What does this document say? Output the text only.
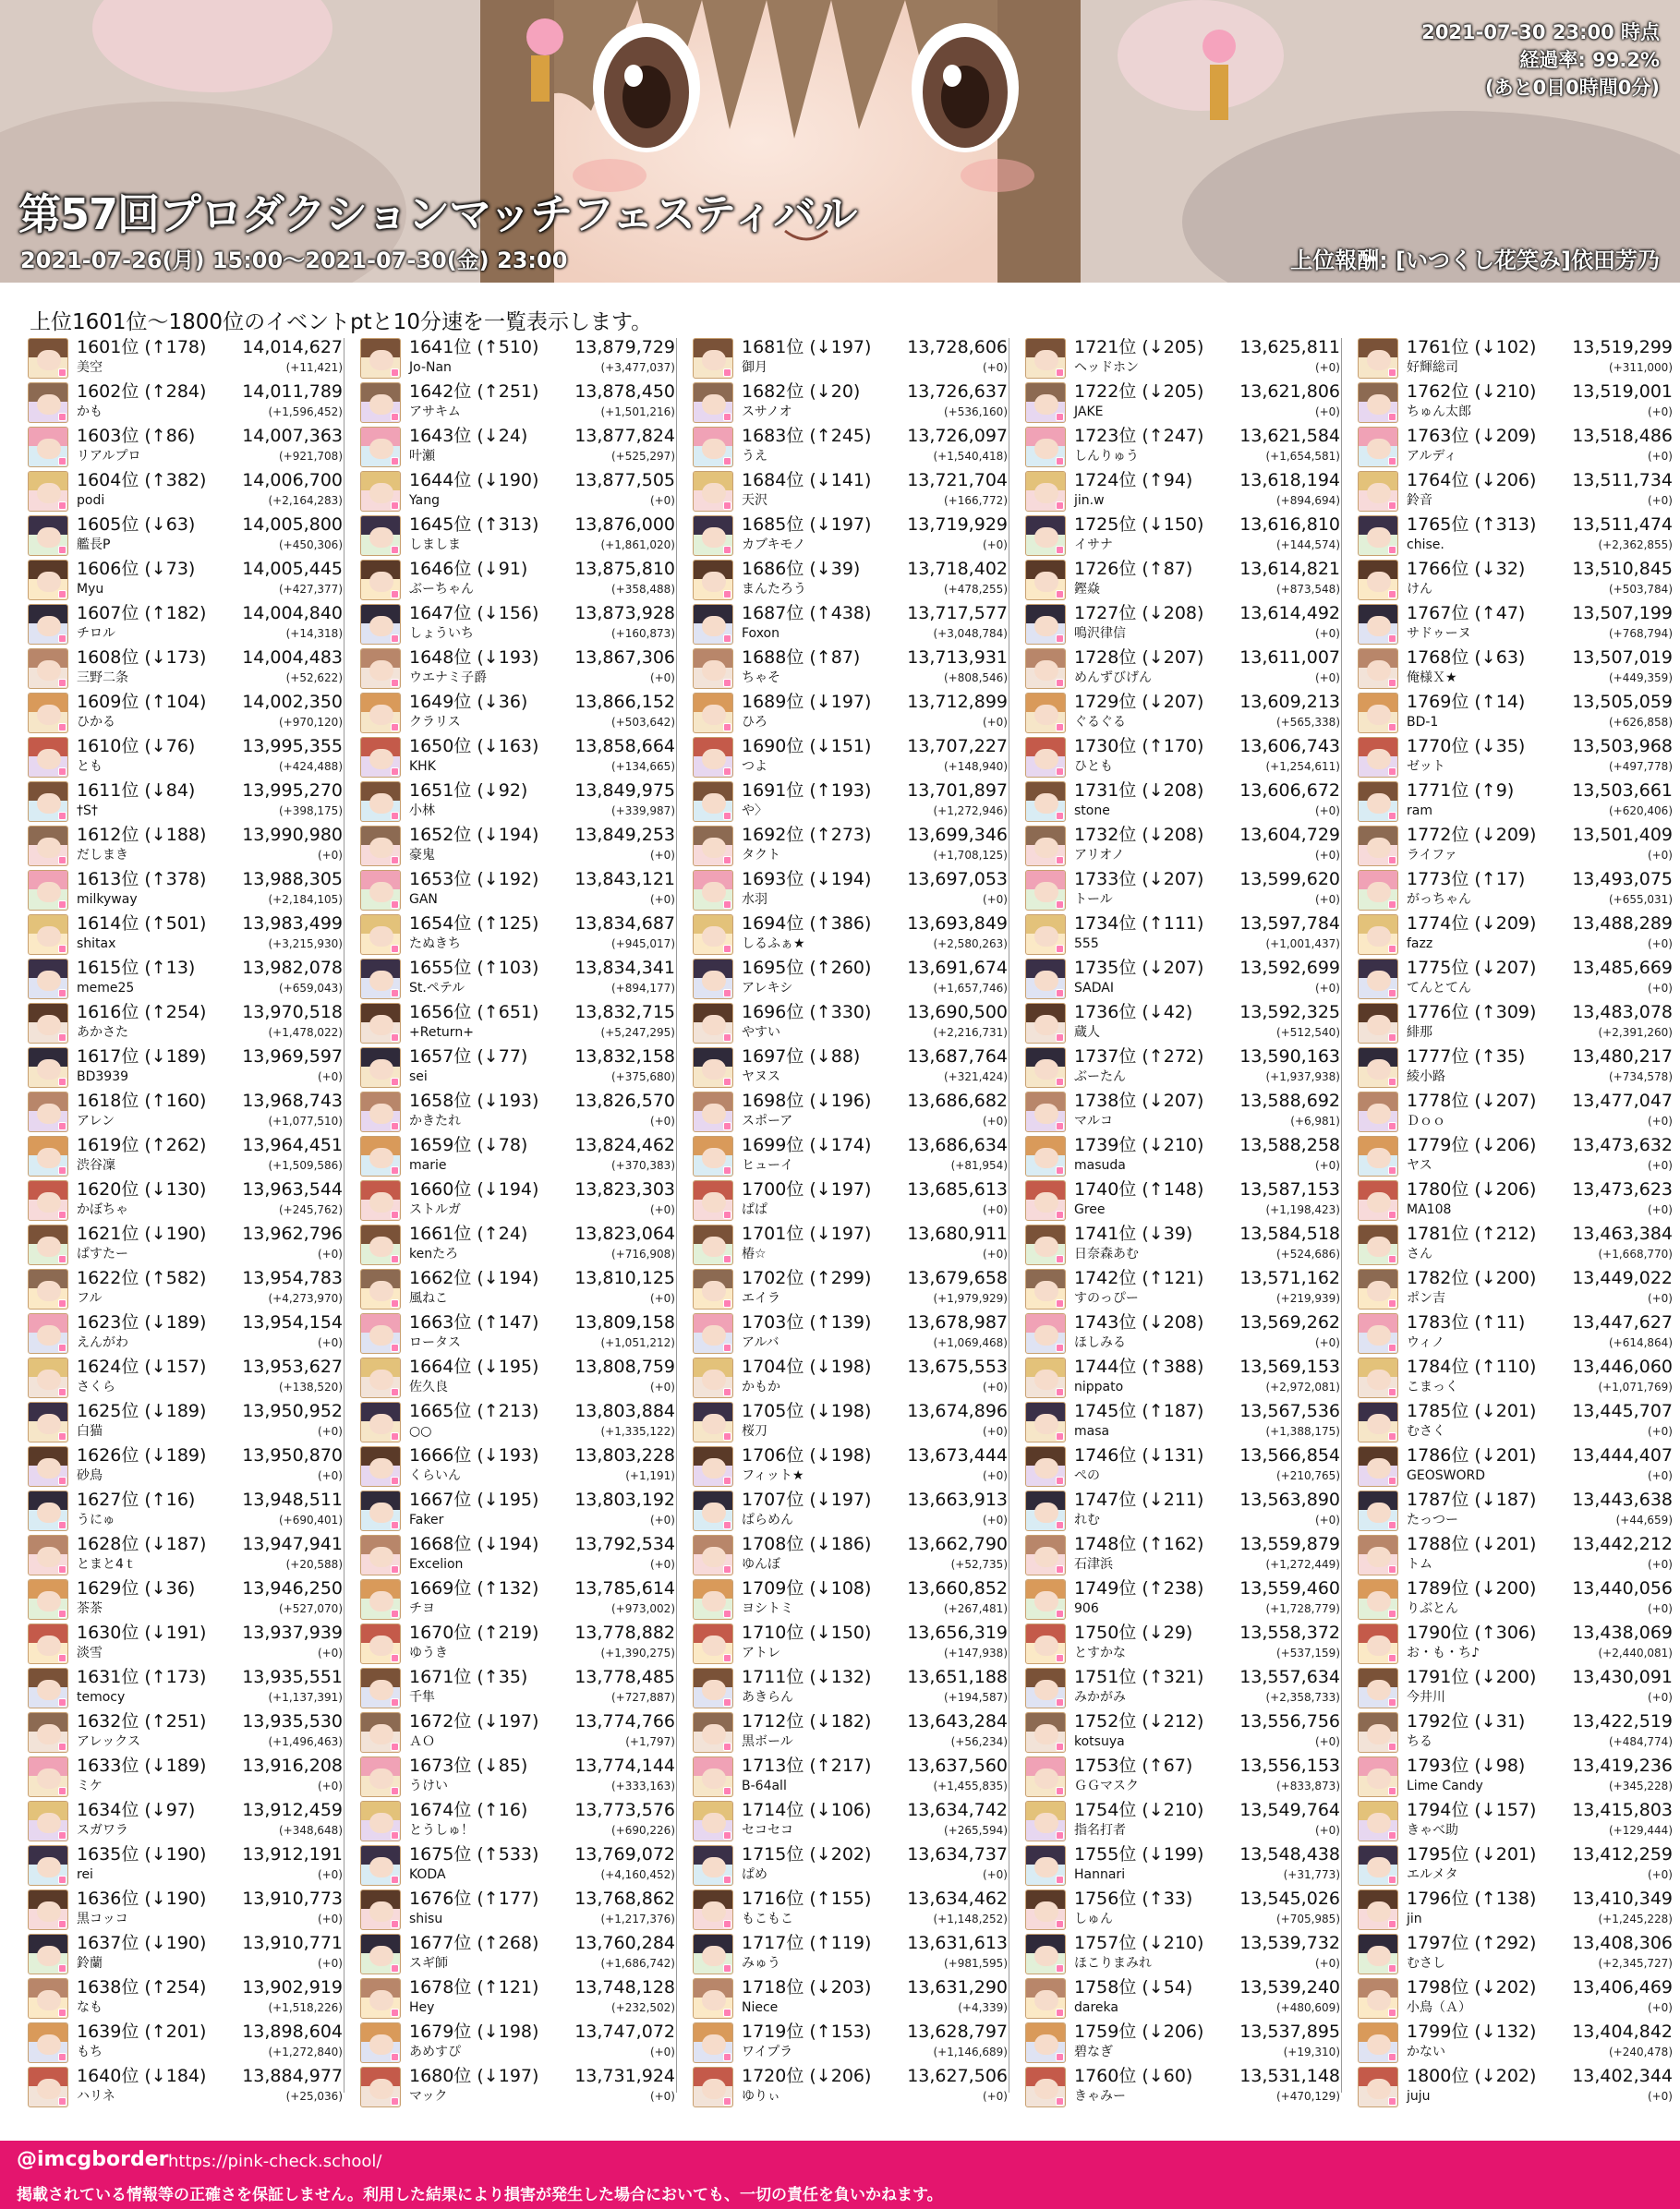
2021-07-30 23:00 時点
経過率: 99.2%
(あと0日0時間0分)
第57回プロダクションマッチフェスティバル
2021-07-26(月) 15:00〜2021-07-30(金) 23:00	上位報酬: [いつくし花笑み]依田芳乃
上位1601位〜1800位のイベントptと10分速を一覧表示します。
1601位 (↑178) 14,014,627
美空	(+11,421)
1602位 (↑284) 14,011,789
かも	(+1,596,452)
1603位 (↑86)	14,007,363
リアルプロ	(+921,708)
1604位 (↑382) 14,006,700
podi	(+2,164,283)
1605位 (↓63)	14,005,800
艦長P	(+450,306)
1606位 (↓73)	14,005,445
Myu	(+427,377)
1607位 (↑182) 14,004,840
チロル	(+14,318)
1608位 (↓173) 14,004,483
三野二条	(+52,622)
1609位 (↑104) 14,002,350
ひかる	(+970,120)
1610位 (↓76)	13,995,355
とも	(+424,488)
1611位 (↓84)	13,995,270
†S†	(+398,175)
1612位 (↓188) 13,990,980
だしまき	(+0)
1613位 (↑378) 13,988,305
milkyway	(+2,184,105)
1614位 (↑501) 13,983,499
shitax	(+3,215,930)
1615位 (↑13)	13,982,078
meme25	(+659,043)
1616位 (↑254) 13,970,518
あかさた	(+1,478,022)
1617位 (↓189) 13,969,597
BD3939	(+0)
1618位 (↑160) 13,968,743
アレン	(+1,077,510)
1619位 (↑262) 13,964,451
渋谷凜	(+1,509,586)
1620位 (↓130) 13,963,544
かぼちゃ	(+245,762)
1621位 (↓190) 13,962,796
ぱすたー	(+0)
1622位 (↑582) 13,954,783
フル	(+4,273,970)
1623位 (↓189) 13,954,154
えんがわ	(+0)
1624位 (↓157) 13,953,627
さくら	(+138,520)
1625位 (↓189) 13,950,952
白猫	(+0)
1626位 (↓189) 13,950,870
砂鳥	(+0)
1627位 (↑16)	13,948,511
うにゅ	(+690,401)
1628位 (↓187) 13,947,941
とまと4ｔ	(+20,588)
1629位 (↓36)	13,946,250
茶茶	(+527,070)
1630位 (↓191) 13,937,939
淡雪	(+0)
1631位 (↑173) 13,935,551
temocy	(+1,137,391)
1632位 (↑251) 13,935,530
アレックス	(+1,496,463)
1633位 (↓189) 13,916,208
ミケ	(+0)
1634位 (↓97)	13,912,459
スガワラ	(+348,648)
1635位 (↓190) 13,912,191
rei	(+0)
1636位 (↓190) 13,910,773
黒コッコ	(+0)
1637位 (↓190) 13,910,771
鈴蘭	(+0)
1638位 (↑254) 13,902,919
なも	(+1,518,226)
1639位 (↑201) 13,898,604
もち	(+1,272,840)
1640位 (↓184) 13,884,977
ハリネ	(+25,036)
1641位 (↑510) 13,879,729
Jo-Nan	(+3,477,037)
1642位 (↑251) 13,878,450
アサキム	(+1,501,216)
1643位 (↓24)	13,877,824
叶瀬	(+525,297)
1644位 (↓190) 13,877,505
Yang	(+0)
1645位 (↑313) 13,876,000
しましま	(+1,861,020)
1646位 (↓91)	13,875,810
ぶーちゃん	(+358,488)
1647位 (↓156) 13,873,928
しょういち	(+160,873)
1648位 (↓193) 13,867,306
ウエナミ子爵	(+0)
1649位 (↓36)	13,866,152
クラリス	(+503,642)
1650位 (↓163) 13,858,664
KHK	(+134,665)
1651位 (↓92)	13,849,975
小林	(+339,987)
1652位 (↓194) 13,849,253
豪鬼	(+0)
1653位 (↓192) 13,843,121
GAN	(+0)
1654位 (↑125) 13,834,687
たぬきち	(+945,017)
1655位 (↑103) 13,834,341
St.ペテル	(+894,177)
1656位 (↑651) 13,832,715
+Return+	(+5,247,295)
1657位 (↓77)	13,832,158
sei	(+375,680)
1658位 (↓193) 13,826,570
かきたれ	(+0)
1659位 (↓78)	13,824,462
marie	(+370,383)
1660位 (↓194) 13,823,303
ストルガ	(+0)
1661位 (↑24)	13,823,064
kenたろ	(+716,908)
1662位 (↓194) 13,810,125
風ねこ	(+0)
1663位 (↑147) 13,809,158
ロータス	(+1,051,212)
1664位 (↓195) 13,808,759
佐久良	(+0)
1665位 (↑213) 13,803,884
○○	(+1,335,122)
1666位 (↓193) 13,803,228
くらいん	(+1,191)
1667位 (↓195) 13,803,192
Faker	(+0)
1668位 (↓194) 13,792,534
Excelion	(+0)
1669位 (↑132) 13,785,614
チヨ	(+973,002)
1670位 (↑219) 13,778,882
ゆうき	(+1,390,275)
1671位 (↑35)	13,778,485
千隼	(+727,887)
1672位 (↓197) 13,774,766
ＡＯ	(+1,797)
1673位 (↓85)	13,774,144
うけい	(+333,163)
1674位 (↑16)	13,773,576
とうしゅ！	(+690,226)
1675位 (↑533) 13,769,072
KODA	(+4,160,452)
1676位 (↑177) 13,768,862
shisu	(+1,217,376)
1677位 (↑268) 13,760,284
スギ師	(+1,686,742)
1678位 (↑121) 13,748,128
Hey	(+232,502)
1679位 (↓198) 13,747,072
あめすぴ	(+0)
1680位 (↓197) 13,731,924
マック	(+0)
1681位 (↓197) 13,728,606
御月	(+0)
1682位 (↓20)	13,726,637
スサノオ	(+536,160)
1683位 (↑245) 13,726,097
うえ	(+1,540,418)
1684位 (↓141) 13,721,704
天沢	(+166,772)
1685位 (↓197) 13,719,929
カブキモノ	(+0)
1686位 (↓39)	13,718,402
まんたろう	(+478,255)
1687位 (↑438) 13,717,577
Foxon	(+3,048,784)
1688位 (↑87)	13,713,931
ちゃそ	(+808,546)
1689位 (↓197) 13,712,899
ひろ	(+0)
1690位 (↓151) 13,707,227
つよ	(+148,940)
1691位 (↑193) 13,701,897
や〉	(+1,272,946)
1692位 (↑273) 13,699,346
タクト	(+1,708,125)
1693位 (↓194) 13,697,053
水羽	(+0)
1694位 (↑386) 13,693,849
しるふぁ★	(+2,580,263)
1695位 (↑260) 13,691,674
アレキシ	(+1,657,746)
1696位 (↑330) 13,690,500
やすい	(+2,216,731)
1697位 (↓88)	13,687,764
ヤヌス	(+321,424)
1698位 (↓196) 13,686,682
スポーア	(+0)
1699位 (↓174) 13,686,634
ヒューイ	(+81,954)
1700位 (↓197) 13,685,613
ぱぱ	(+0)
1701位 (↓197) 13,680,911
椿☆	(+0)
1702位 (↑299) 13,679,658
エイラ	(+1,979,929)
1703位 (↑139) 13,678,987
アルバ	(+1,069,468)
1704位 (↓198) 13,675,553
かもか	(+0)
1705位 (↓198) 13,674,896
桜刀	(+0)
1706位 (↓198) 13,673,444
フィット★	(+0)
1707位 (↓197) 13,663,913
ぱらめん	(+0)
1708位 (↓186) 13,662,790
ゆんぼ	(+52,735)
1709位 (↓108) 13,660,852
ヨシトミ	(+267,481)
1710位 (↓150) 13,656,319
アトレ	(+147,938)
1711位 (↓132) 13,651,188
あきらん	(+194,587)
1712位 (↓182) 13,643,284
黒ボール	(+56,234)
1713位 (↑217) 13,637,560
B-64all	(+1,455,835)
1714位 (↓106) 13,634,742
セコセコ	(+265,594)
1715位 (↓202) 13,634,737
ぱめ	(+0)
1716位 (↑155) 13,634,462
もこもこ	(+1,148,252)
1717位 (↑119) 13,631,613
みゅう	(+981,595)
1718位 (↓203) 13,631,290
Niece	(+4,339)
1719位 (↑153) 13,628,797
ワイプラ	(+1,146,689)
1720位 (↓206) 13,627,506
ゆりぃ	(+0)
1721位 (↓205) 13,625,811
ヘッドホン	(+0)
1722位 (↓205) 13,621,806
JAKE	(+0)
1723位 (↑247) 13,621,584
しんりゅう	(+1,654,581)
1724位 (↑94)	13,618,194
jin.w	(+894,694)
1725位 (↓150) 13,616,810
イサナ	(+144,574)
1726位 (↑87)	13,614,821
鏗焱	(+873,548)
1727位 (↓208) 13,614,492
鳴沢律信	(+0)
1728位 (↓207) 13,611,007
めんずびげん	(+0)
1729位 (↓207) 13,609,213
ぐるぐる	(+565,338)
1730位 (↑170) 13,606,743
ひとも	(+1,254,611)
1731位 (↓208) 13,606,672
stone	(+0)
1732位 (↓208) 13,604,729
アリオノ	(+0)
1733位 (↓207) 13,599,620
トール	(+0)
1734位 (↑111) 13,597,784
555	(+1,001,437)
1735位 (↓207) 13,592,699
SADAI	(+0)
1736位 (↓42)	13,592,325
蔵人	(+512,540)
1737位 (↑272) 13,590,163
ぶーたん	(+1,937,938)
1738位 (↓207) 13,588,692
マルコ	(+6,981)
1739位 (↓210) 13,588,258
masuda	(+0)
1740位 (↑148) 13,587,153
Gree	(+1,198,423)
1741位 (↓39)	13,584,518
日奈森あむ	(+524,686)
1742位 (↑121) 13,571,162
すのっぴー	(+219,939)
1743位 (↓208) 13,569,262
ほしみる	(+0)
1744位 (↑388) 13,569,153
nippato	(+2,972,081)
1745位 (↑187) 13,567,536
masa	(+1,388,175)
1746位 (↓131) 13,566,854
ぺの	(+210,765)
1747位 (↓211) 13,563,890
れむ	(+0)
1748位 (↑162) 13,559,879
石津浜	(+1,272,449)
1749位 (↑238) 13,559,460
906	(+1,728,779)
1750位 (↓29)	13,558,372
とすかな	(+537,159)
1751位 (↑321) 13,557,634
みかがみ	(+2,358,733)
1752位 (↓212) 13,556,756
kotsuya	(+0)
1753位 (↑67)	13,556,153
ＧＧマスク	(+833,873)
1754位 (↓210) 13,549,764
指名打者	(+0)
1755位 (↓199) 13,548,438
Hannari	(+31,773)
1756位 (↑33)	13,545,026
しゅん	(+705,985)
1757位 (↓210) 13,539,732
ほこりまみれ	(+0)
1758位 (↓54)	13,539,240
dareka	(+480,609)
1759位 (↓206) 13,537,895
碧なぎ	(+19,310)
1760位 (↓60)	13,531,148
きゃみー	(+470,129)
1761位 (↓102) 13,519,299
好輝総司	(+311,000)
1762位 (↓210) 13,519,001
ちゅん太郎	(+0)
1763位 (↓209) 13,518,486
アルディ	(+0)
1764位 (↓206) 13,511,734
鈴音	(+0)
1765位 (↑313) 13,511,474
chise.	(+2,362,855)
1766位 (↓32)	13,510,845
けん	(+503,784)
1767位 (↑47)	13,507,199
サドゥーヌ	(+768,794)
1768位 (↓63)	13,507,019
俺様Ｘ★	(+449,359)
1769位 (↑14)	13,505,059
BD-1	(+626,858)
1770位 (↓35)	13,503,968
ゼット	(+497,778)
1771位 (↑9)	13,503,661
ram	(+620,406)
1772位 (↓209) 13,501,409
ライファ	(+0)
1773位 (↑17)	13,493,075
がっちゃん	(+655,031)
1774位 (↓209) 13,488,289
fazz	(+0)
1775位 (↓207) 13,485,669
てんとてん	(+0)
1776位 (↑309) 13,483,078
緋那	(+2,391,260)
1777位 (↑35)	13,480,217
綾小路	(+734,578)
1778位 (↓207) 13,477,047
Ｄｏｏ	(+0)
1779位 (↓206) 13,473,632
ヤス	(+0)
1780位 (↓206) 13,473,623
MA108	(+0)
1781位 (↑212) 13,463,384
さん	(+1,668,770)
1782位 (↓200) 13,449,022
ポン吉	(+0)
1783位 (↑11)	13,447,627
ウィノ	(+614,864)
1784位 (↑110) 13,446,060
こまっく	(+1,071,769)
1785位 (↓201) 13,445,707
むさく	(+0)
1786位 (↓201) 13,444,407
GEOSWORD	(+0)
1787位 (↓187) 13,443,638
たっつー	(+44,659)
1788位 (↓201) 13,442,212
トム	(+0)
1789位 (↓200) 13,440,056
りぶとん	(+0)
1790位 (↑306) 13,438,069
お・も・ち♪	(+2,440,081)
1791位 (↓200) 13,430,091
今井川	(+0)
1792位 (↓31)	13,422,519
ちる	(+484,774)
1793位 (↓98)	13,419,236
Lime Candy	(+345,228)
1794位 (↓157) 13,415,803
きゃべ助	(+129,444)
1795位 (↓201) 13,412,259
エルメタ	(+0)
1796位 (↑138) 13,410,349
jin	(+1,245,228)
1797位 (↑292) 13,408,306
むさし	(+2,345,727)
1798位 (↓202) 13,406,469
小鳥（Ａ）	(+0)
1799位 (↓132) 13,404,842
かない	(+240,478)
1800位 (↓202) 13,402,344
juju	(+0)
@imcgborder https://pink-check.school/
掲載されている情報等の正確さを保証しません。利用した結果により損害が発生した場合においても、一切の責任を負いかねます。
